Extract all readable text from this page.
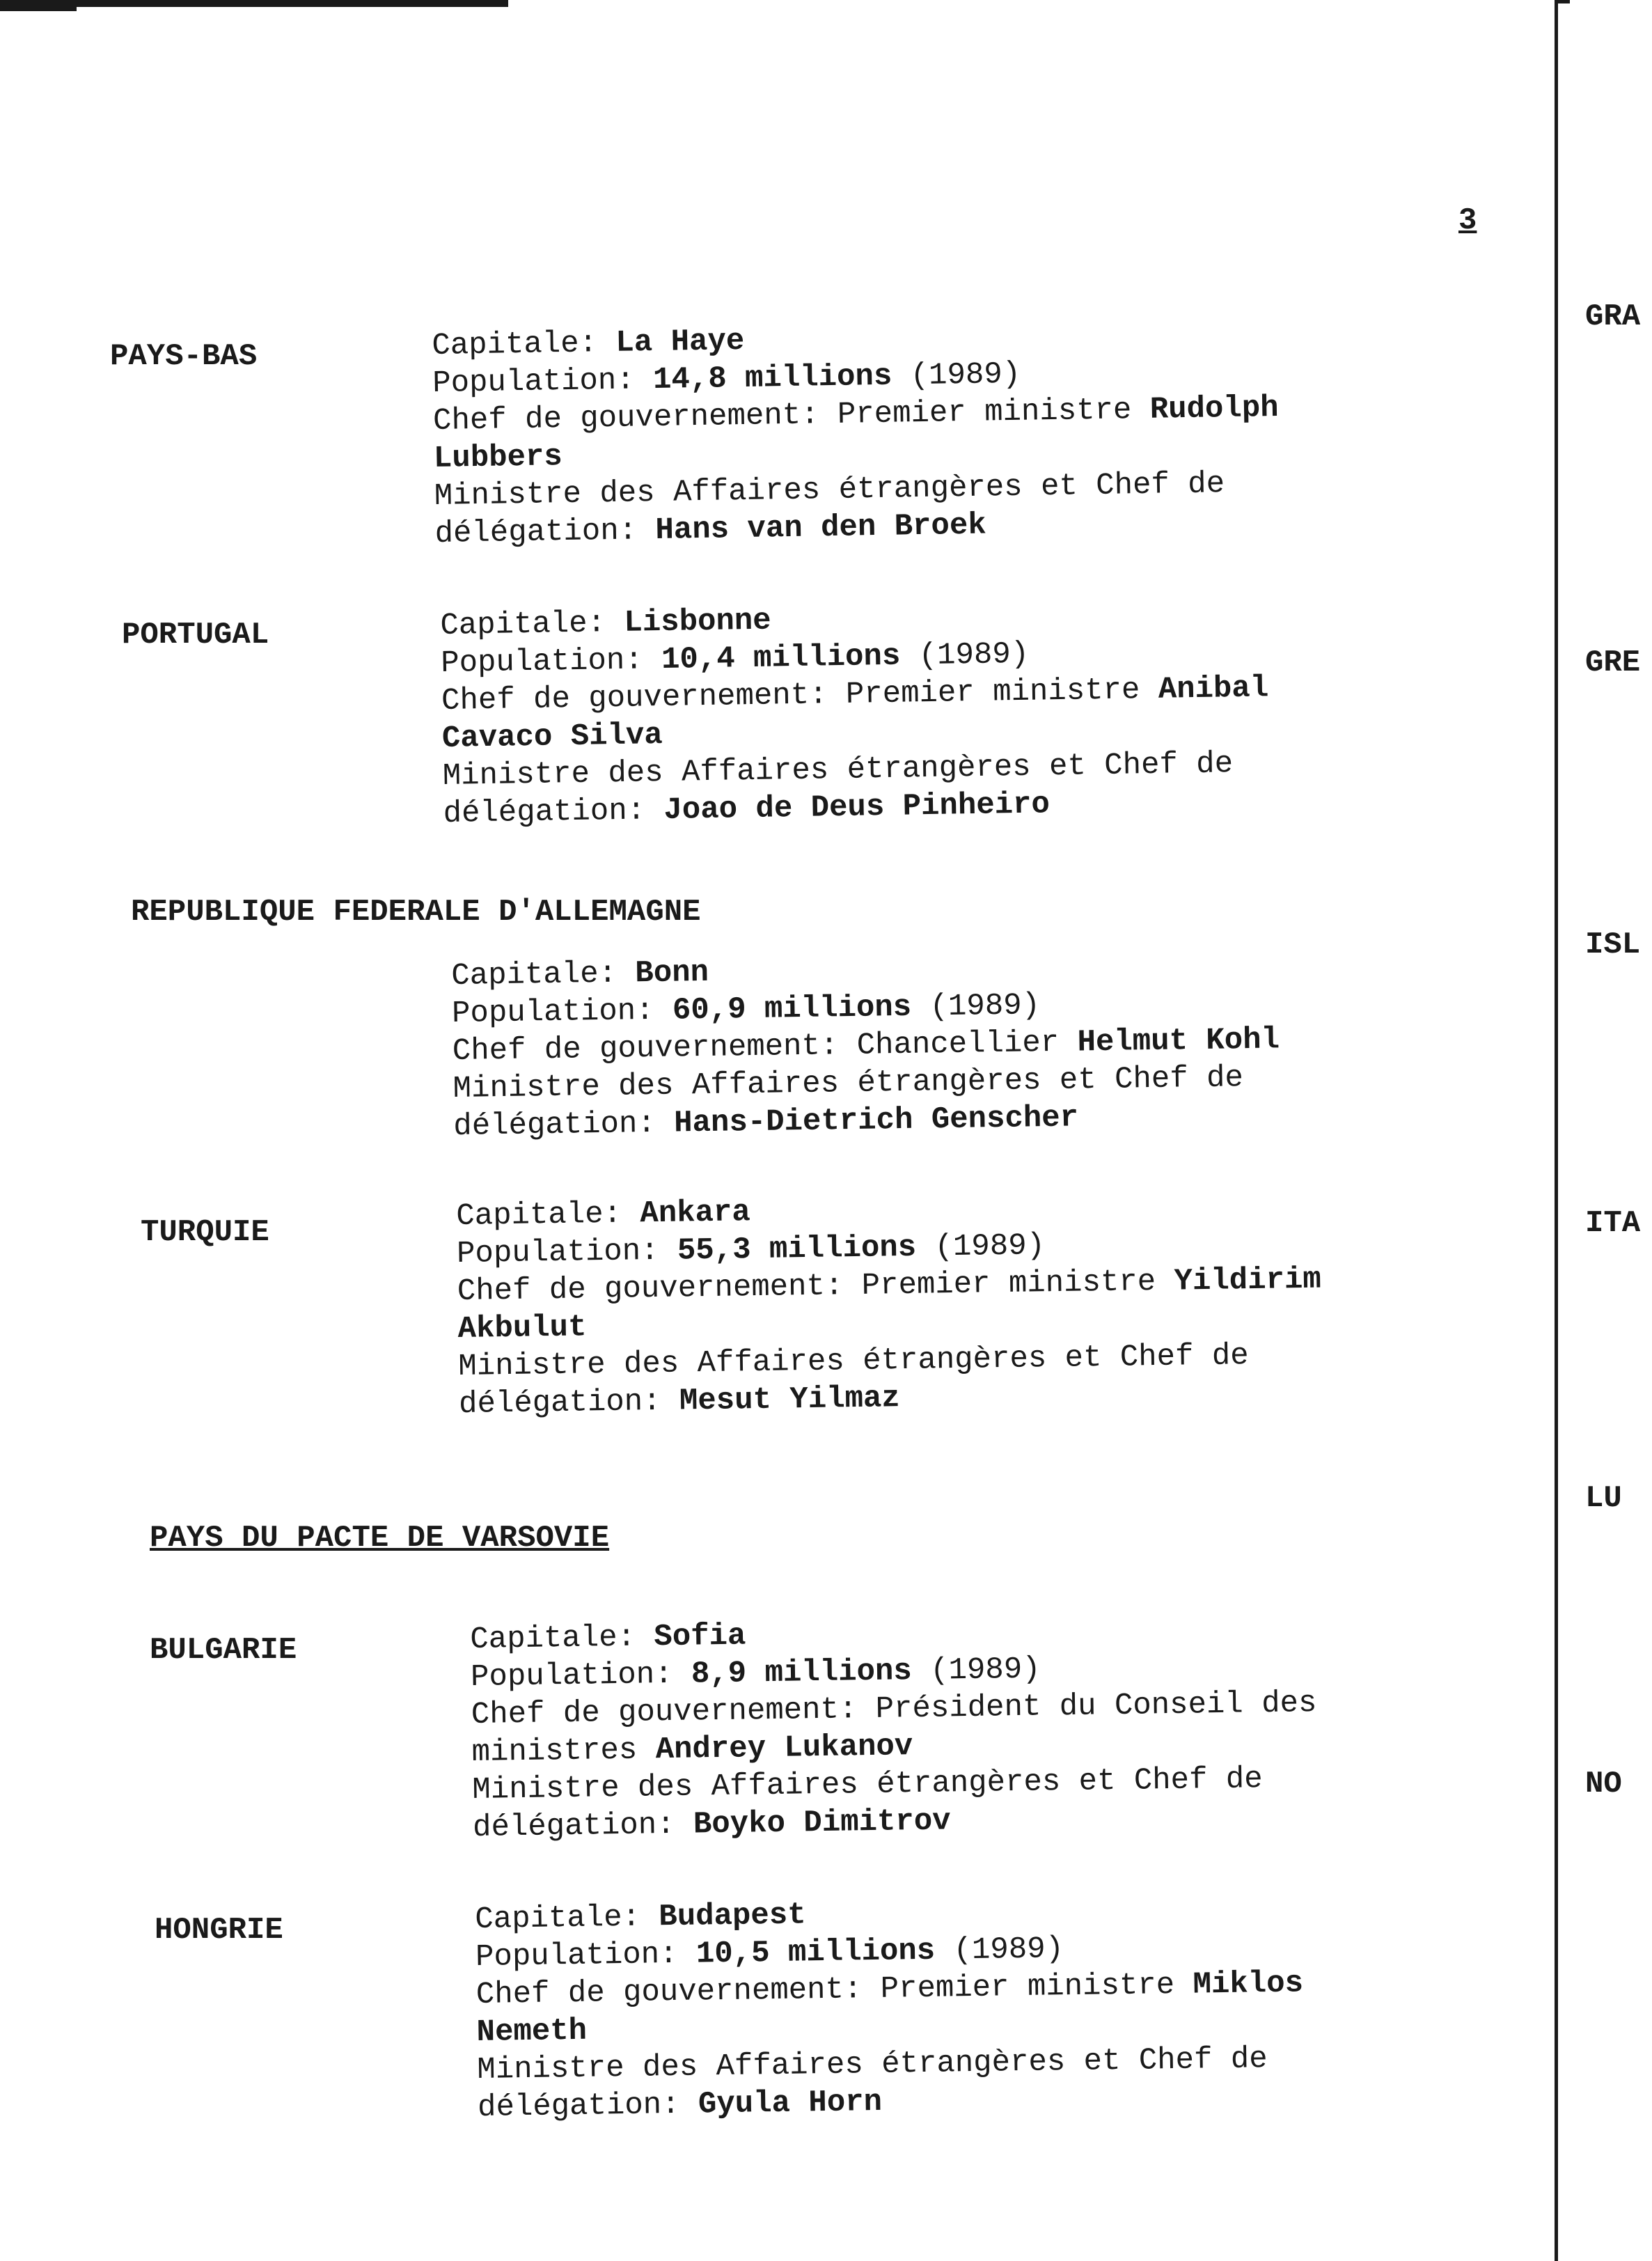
3
PAYS-BAS	Capitale: La Haye
Population: 14,8 millions (1989)
Chef de gouvernement: Premier ministre Rudolph
Lubbers
Ministre des Affaires étrangères et Chef de
délégation: Hans van den Broek
PORTUGAL	Capitale: Lisbonne
Population: 10,4 millions (1989)
Chef de gouvernement: Premier ministre Anibal
Cavaco Silva
Ministre des Affaires étrangères et Chef de
délégation: Joao de Deus Pinheiro
REPUBLIQUE FEDERALE D'ALLEMAGNE
Capitale: Bonn
Population: 60,9 millions (1989)
Chef de gouvernement: Chancellier Helmut Kohl
Ministre des Affaires étrangères et Chef de
délégation: Hans-Dietrich Genscher
TURQUIE	Capitale: Ankara
Population: 55,3 millions (1989)
Chef de gouvernement: Premier ministre Yildirim
Akbulut
Ministre des Affaires étrangères et Chef de
délégation: Mesut Yilmaz
PAYS DU PACTE DE VARSOVIE
BULGARIE	Capitale: Sofia
Population: 8,9 millions (1989)
Chef de gouvernement: Président du Conseil des
ministres Andrey Lukanov
Ministre des Affaires étrangères et Chef de
délégation: Boyko Dimitrov
HONGRIE	Capitale: Budapest
Population: 10,5 millions (1989)
Chef de gouvernement: Premier ministre Miklos
Nemeth
Ministre des Affaires étrangères et Chef de
délégation: Gyula Horn
GRA
GRE
ISL
ITA
LU
NO
